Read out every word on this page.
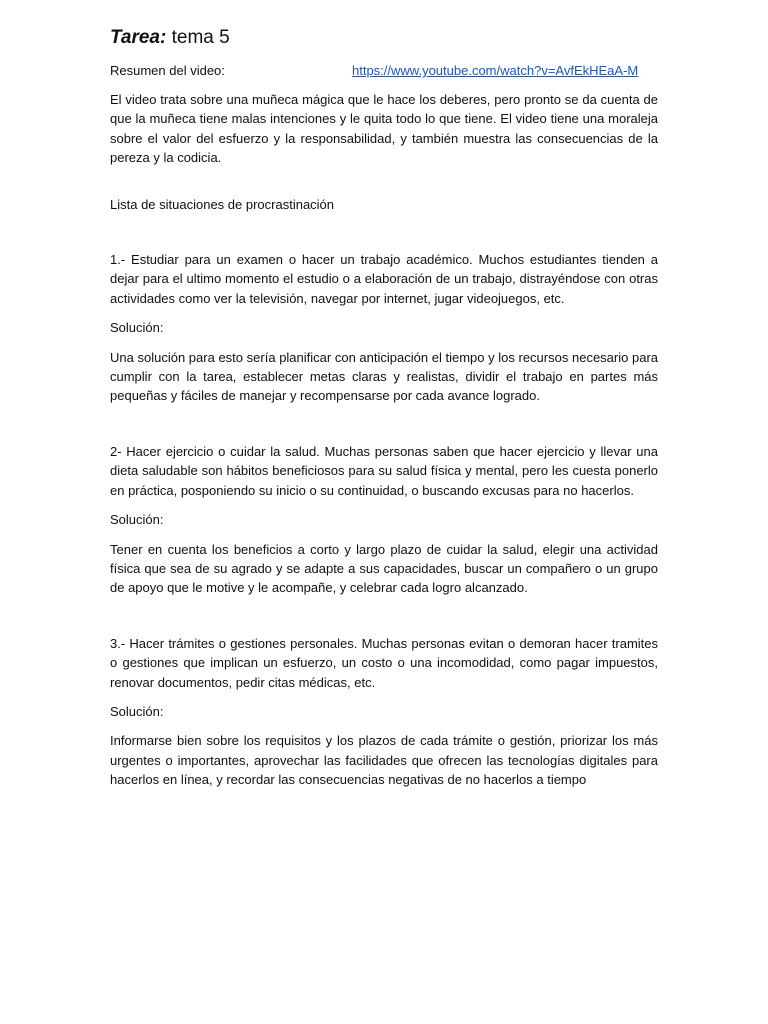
Tarea: tema 5
Resumen del video:	https://www.youtube.com/watch?v=AvfEkHEaA-M

El video trata sobre una muñeca mágica que le hace los deberes, pero pronto se da cuenta de que la muñeca tiene malas intenciones y le quita todo lo que tiene. El video tiene una moraleja sobre el valor del esfuerzo y la responsabilidad, y también muestra las consecuencias de la pereza y la codicia.

Lista de situaciones de procrastinación

1.- Estudiar para un examen o hacer un trabajo académico. Muchos estudiantes tienden a dejar para el ultimo momento el estudio o a elaboración de un trabajo, distrayéndose con otras actividades como ver la televisión, navegar por internet, jugar videojuegos, etc.

Solución:

Una solución para esto sería planificar con anticipación el tiempo y los recursos necesario para cumplir con la tarea, establecer metas claras y realistas, dividir el trabajo en partes más pequeñas y fáciles de manejar y recompensarse por cada avance logrado.

2- Hacer ejercicio o cuidar la salud. Muchas personas saben que hacer ejercicio y llevar una dieta saludable son hábitos beneficiosos para su salud física y mental, pero les cuesta ponerlo en práctica, posponiendo su inicio o su continuidad, o buscando excusas para no hacerlos.

Solución:

Tener en cuenta los beneficios a corto y largo plazo de cuidar la salud, elegir una actividad física que sea de su agrado y se adapte a sus capacidades, buscar un compañero o un grupo de apoyo que le motive y le acompañe, y celebrar cada logro alcanzado.

3.- Hacer trámites o gestiones personales. Muchas personas evitan o demoran hacer tramites o gestiones que implican un esfuerzo, un costo o una incomodidad, como pagar impuestos, renovar documentos, pedir citas médicas, etc.

Solución:

Informarse bien sobre los requisitos y los plazos de cada trámite o gestión, priorizar los más urgentes o importantes, aprovechar las facilidades que ofrecen las tecnologías digitales para hacerlos en línea, y recordar las consecuencias negativas de no hacerlos a tiempo
